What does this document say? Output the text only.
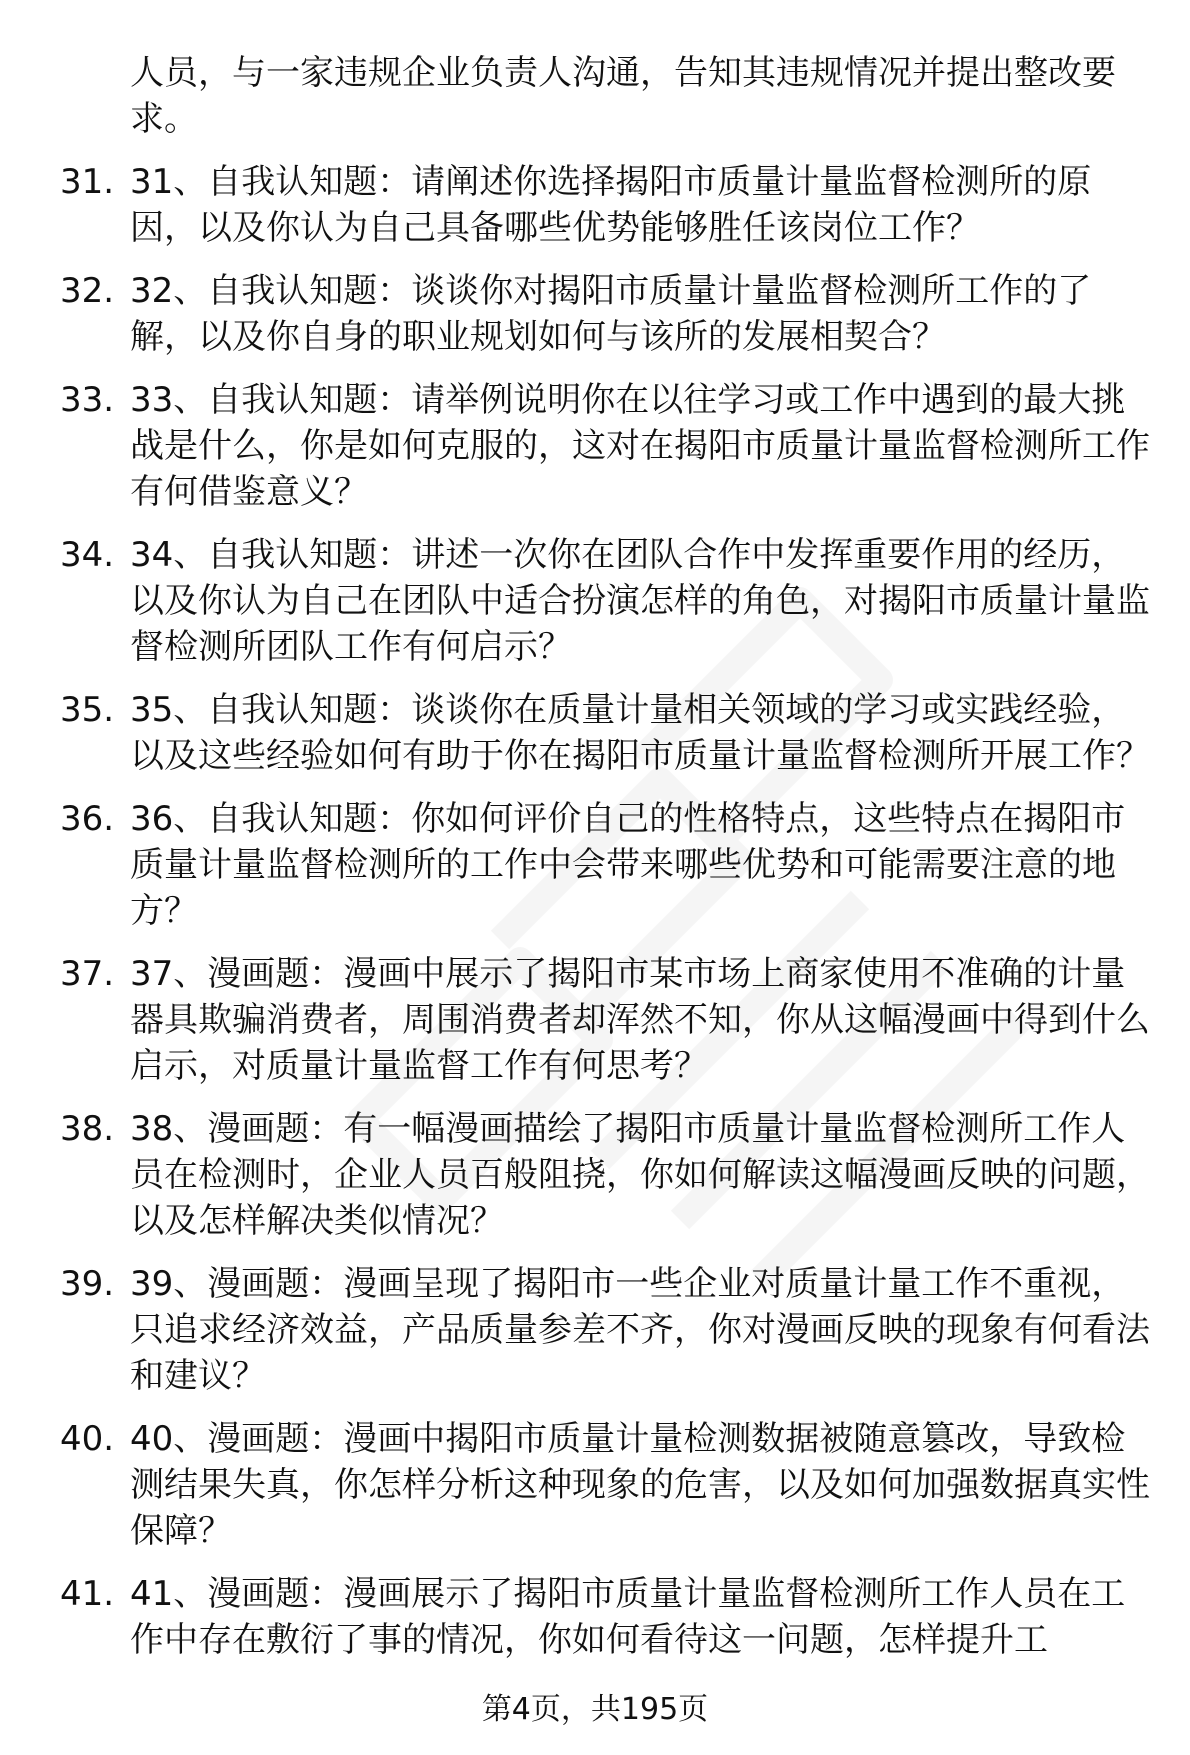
人员，与一家违规企业负责人沟通，告知其违规情况并提出整改要求。
31. 31、自我认知题：请阐述你选择揭阳市质量计量监督检测所的原因，以及你认为自己具备哪些优势能够胜任该岗位工作？
32. 32、自我认知题：谈谈你对揭阳市质量计量监督检测所工作的了解，以及你自身的职业规划如何与该所的发展相契合？
33. 33、自我认知题：请举例说明你在以往学习或工作中遇到的最大挑战是什么，你是如何克服的，这对在揭阳市质量计量监督检测所工作有何借鉴意义？
34. 34、自我认知题：讲述一次你在团队合作中发挥重要作用的经历，以及你认为自己在团队中适合扮演怎样的角色，对揭阳市质量计量监督检测所团队工作有何启示？
35. 35、自我认知题：谈谈你在质量计量相关领域的学习或实践经验，以及这些经验如何有助于你在揭阳市质量计量监督检测所开展工作？
36. 36、自我认知题：你如何评价自己的性格特点，这些特点在揭阳市质量计量监督检测所的工作中会带来哪些优势和可能需要注意的地方？
37. 37、漫画题：漫画中展示了揭阳市某市场上商家使用不准确的计量器具欺骗消费者，周围消费者却浑然不知，你从这幅漫画中得到什么启示，对质量计量监督工作有何思考？
38. 38、漫画题：有一幅漫画描绘了揭阳市质量计量监督检测所工作人员在检测时，企业人员百般阻挠，你如何解读这幅漫画反映的问题，以及怎样解决类似情况？
39. 39、漫画题：漫画呈现了揭阳市一些企业对质量计量工作不重视，只追求经济效益，产品质量参差不齐，你对漫画反映的现象有何看法和建议？
40. 40、漫画题：漫画中揭阳市质量计量检测数据被随意篡改，导致检测结果失真，你怎样分析这种现象的危害，以及如何加强数据真实性保障？
41. 41、漫画题：漫画展示了揭阳市质量计量监督检测所工作人员在工作中存在敷衍了事的情况，你如何看待这一问题，怎样提升工
第4页，共195页
